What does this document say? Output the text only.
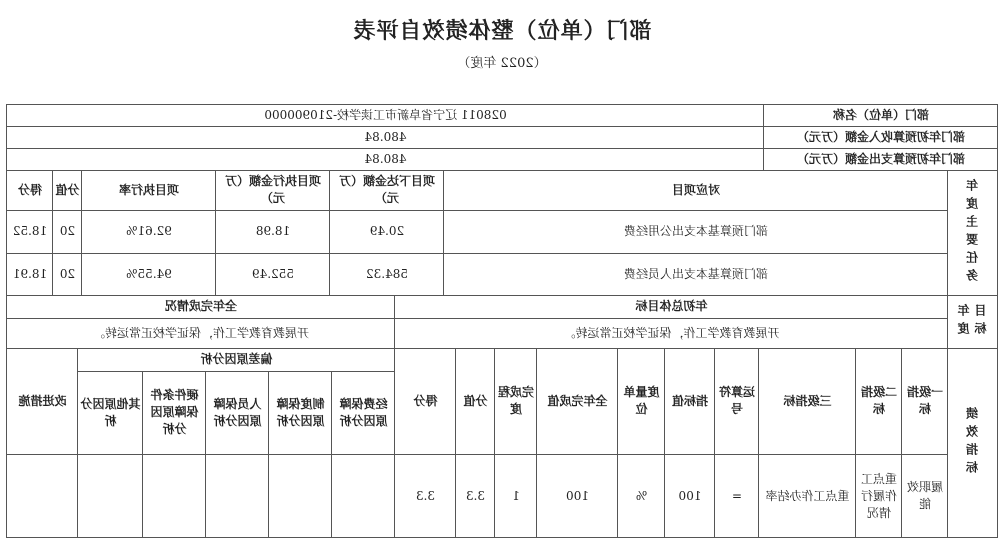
部门（单位）整体绩效自评表
（2022 年度）
部门（单位）名称
028011 辽宁省阜新市工读学校-210900000
部门年初预算收入金额（万元）
480.84
部门年初预算支出金额（万元）
480.84
年度主要任务
年度目标
绩效指标
对应项目
项目下达金额（万元）
项目执行金额（万元）
项目执行率
分值
得分
部门预算基本支出公用经费
20.49
18.98
92.61%
20
18.52
部门预算基本支出人员经费
584.32
552.49
94.55%
20
18.91
年初总体目标
全年完成情况
开展教育教学工作，保证学校正常运转。
开展教育教学工作，保证学校正常运转。
一级指标
二级指标
三级指标
运算符号
指标值
度量单位
全年完成值
完成程度
分值
得分
偏差原因分析
经费保障原因分析
制度保障原因分析
人员保障原因分析
硬件条件保障原因分析
其他原因分析
改进措施
履职效能
重点工作履行情况
重点工作办结率
=
100
%
100
1
3.3
3.3
